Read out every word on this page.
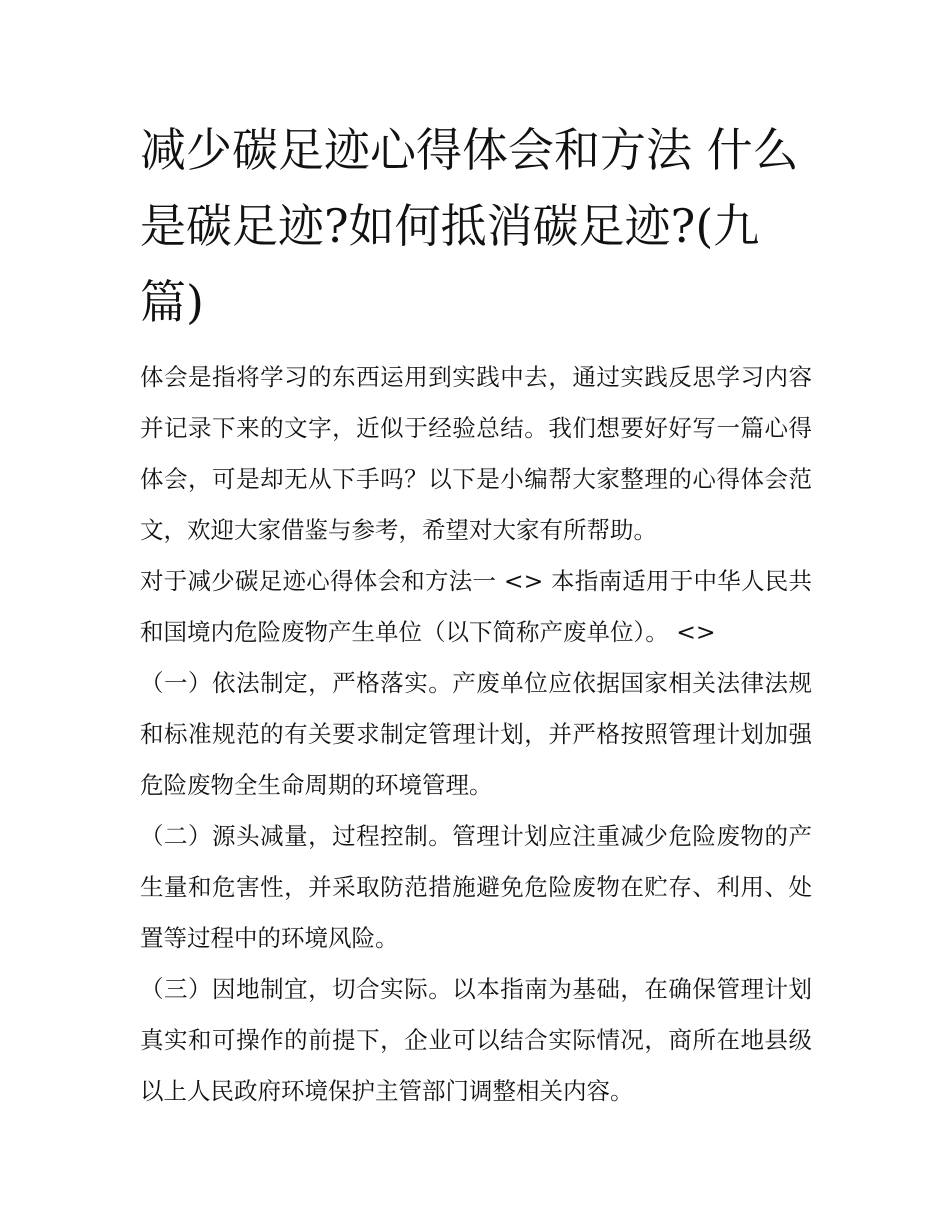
减少碳足迹心得体会和方法 什么是碳足迹?如何抵消碳足迹?(九篇)

体会是指将学习的东西运用到实践中去，通过实践反思学习内容并记录下来的文字，近似于经验总结。我们想要好好写一篇心得体会，可是却无从下手吗？以下是小编帮大家整理的心得体会范文，欢迎大家借鉴与参考，希望对大家有所帮助。

对于减少碳足迹心得体会和方法一 <> 本指南适用于中华人民共和国境内危险废物产生单位（以下简称产废单位）。 <>

（一）依法制定，严格落实。产废单位应依据国家相关法律法规和标准规范的有关要求制定管理计划，并严格按照管理计划加强危险废物全生命周期的环境管理。

（二）源头减量，过程控制。管理计划应注重减少危险废物的产生量和危害性，并采取防范措施避免危险废物在贮存、利用、处置等过程中的环境风险。

（三）因地制宜，切合实际。以本指南为基础，在确保管理计划真实和可操作的前提下，企业可以结合实际情况，商所在地县级以上人民政府环境保护主管部门调整相关内容。
